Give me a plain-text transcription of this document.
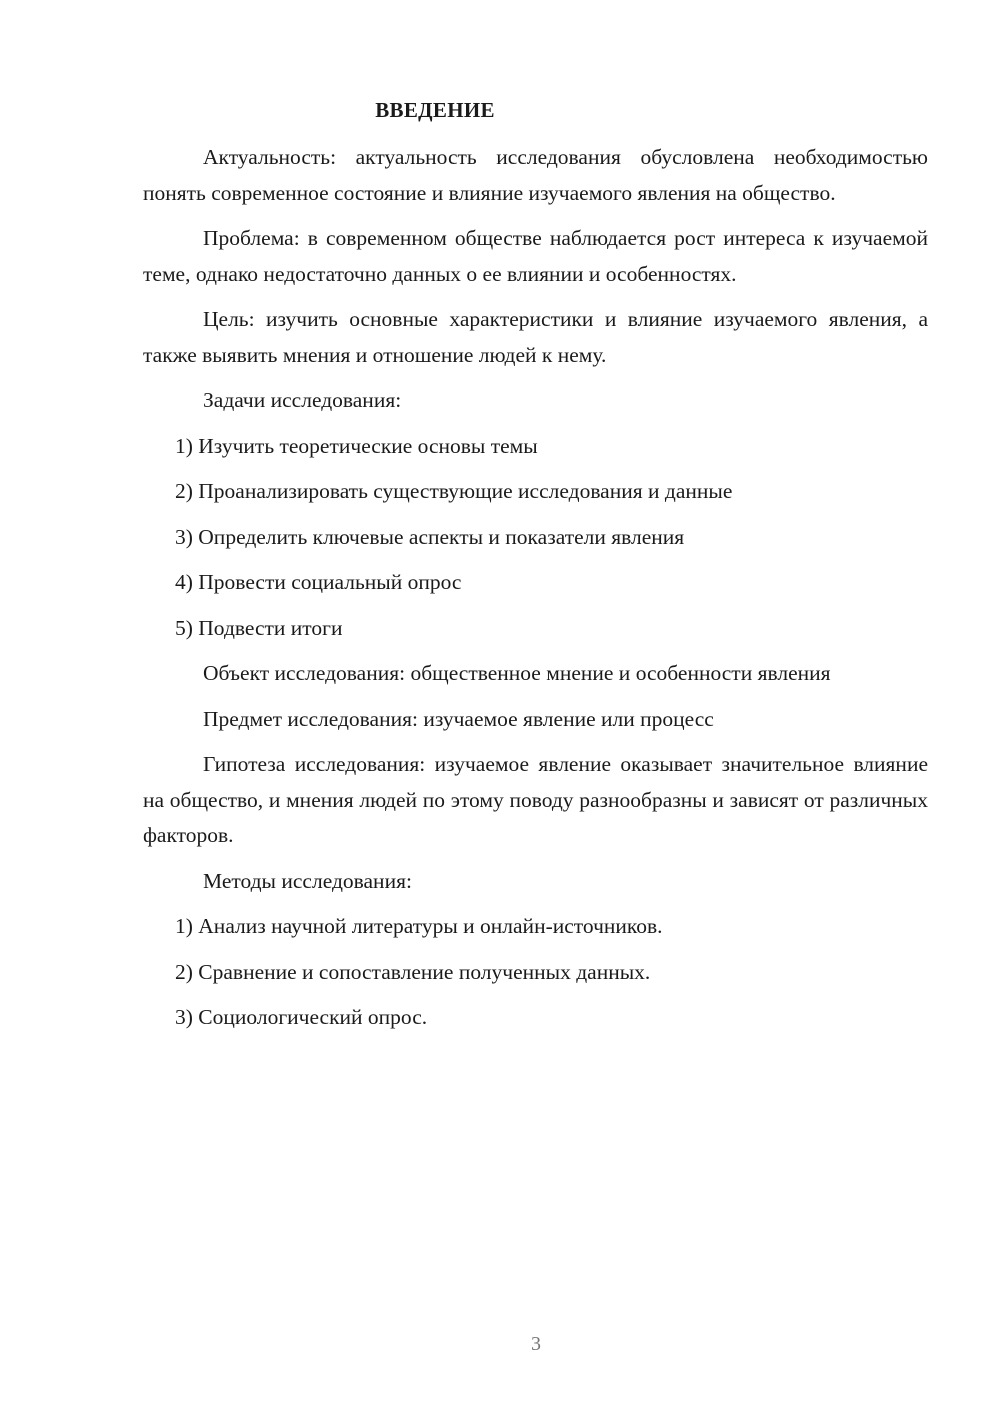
ВВЕДЕНИЕ

Актуальность: актуальность исследования обусловлена необходимостью понять современное состояние и влияние изучаемого явления на общество.

Проблема: в современном обществе наблюдается рост интереса к изучаемой теме, однако недостаточно данных о ее влиянии и особенностях.

Цель: изучить основные характеристики и влияние изучаемого явления, а также выявить мнения и отношение людей к нему.

Задачи исследования:
1) Изучить теоретические основы темы
2) Проанализировать существующие исследования и данные
3) Определить ключевые аспекты и показатели явления
4) Провести социальный опрос
5) Подвести итоги
Объект исследования: общественное мнение и особенности явления
Предмет исследования: изучаемое явление или процесс

Гипотеза исследования: изучаемое явление оказывает значительное влияние на общество, и мнения людей по этому поводу разнообразны и зависят от различных факторов.

Методы исследования:
1) Анализ научной литературы и онлайн-источников.
2) Сравнение и сопоставление полученных данных.
3) Социологический опрос.
3
